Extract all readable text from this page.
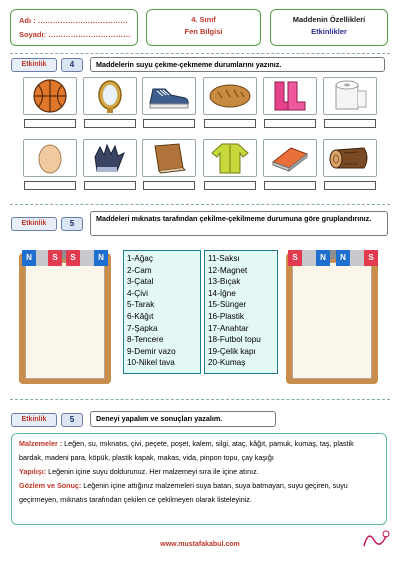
Adı : ………………………………
Soyadı: ……………………………
4. Sınıf
Fen Bilgisi
Maddenin Özellikleri
Etkinlikler
Etkinlik	4	Maddelerin suyu çekme-çekmeme durumlarını yazınız.
Etkinlik	5
Maddeleri mıknatıs tarafından çekilme-çekilmeme durumuna göre gruplandırınız.
N	S	S	N	1-Ağaç
2-Cam
3-Çatal
4-Çivi
5-Tarak
6-Kâğıt
7-Şapka
8-Tencere
9-Demir vazo
10-Nikel tava
11-Saksı
12-Magnet
13-Bıçak
14-İğne
15-Sünger
16-Plastik
17-Anahtar
18-Futbol topu
19-Çelik kapı
20-Kumaş
S	N	N	S
Etkinlik	5	Deneyi yapalım ve sonuçları yazalım.
Malzemeler : Leğen, su, mıknatıs, çivi, peçete, poşet, kalem, silgi, ataç, kâğıt, pamuk, kumaş, taş, plastik bardak, madeni para, köpük, plastik kapak, makas, vida, pinpon topu, çay kaşığı
Yapılışı: Leğenin içine suyu doldurunuz. Her malzemeyi sıra ile içine atınız.
Gözlem ve Sonuç: Leğenin içine attığınız malzemeleri suya batan, suya batmayan, suyu geçiren, suyu geçirmeyen, mıknatıs tarafından çekilen ce çekilmeyen olarak listeleyiniz.
www.mustafakabul.com
